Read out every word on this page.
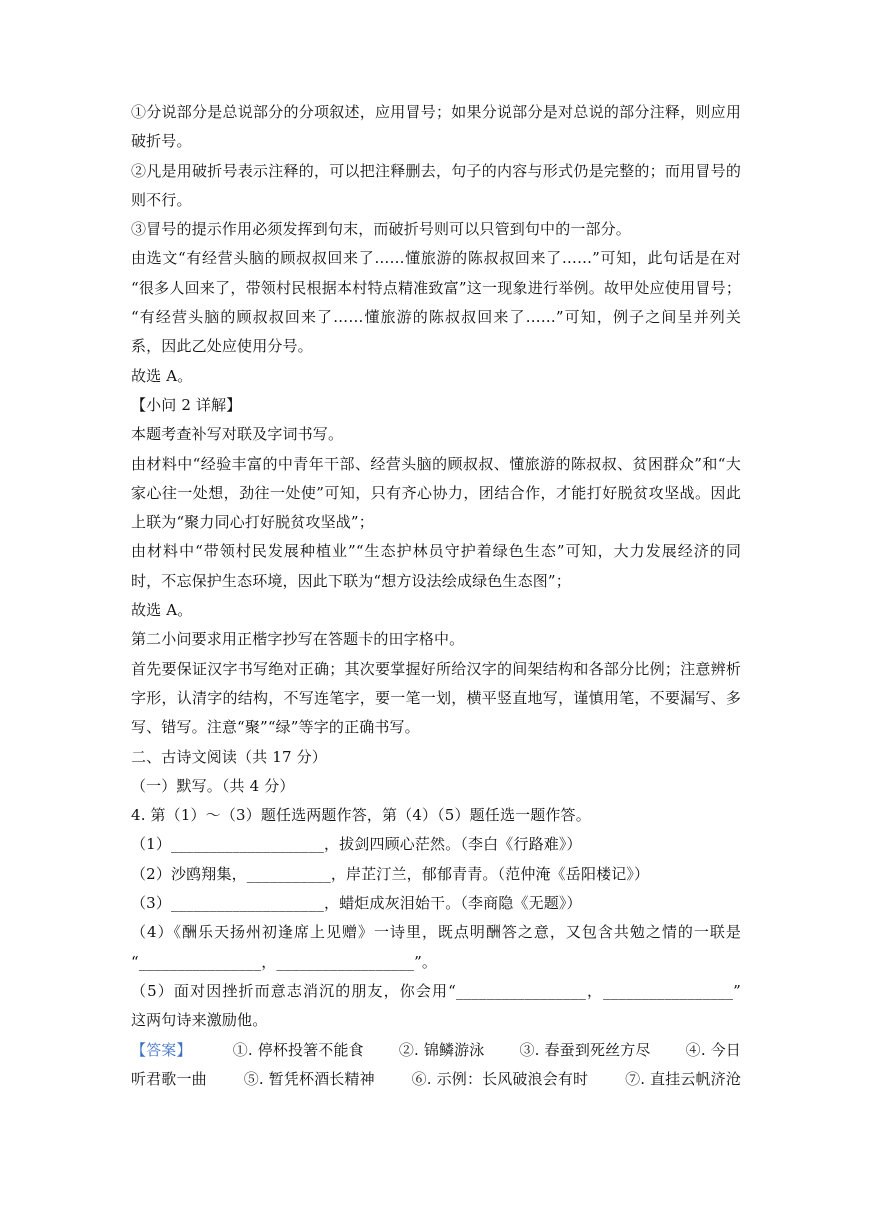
①分说部分是总说部分的分项叙述，应用冒号；如果分说部分是对总说的部分注释，则应用
破折号。
②凡是用破折号表示注释的，可以把注释删去，句子的内容与形式仍是完整的；而用冒号的
则不行。
③冒号的提示作用必须发挥到句末，而破折号则可以只管到句中的一部分。
由选文“有经营头脑的顾叔叔回来了……懂旅游的陈叔叔回来了……”可知，此句话是在对
“很多人回来了，带领村民根据本村特点精准致富”这一现象进行举例。故甲处应使用冒号；
“有经营头脑的顾叔叔回来了……懂旅游的陈叔叔回来了……”可知，例子之间呈并列关
系，因此乙处应使用分号。
故选 A。
【小问 2 详解】
本题考查补写对联及字词书写。
由材料中“经验丰富的中青年干部、经营头脑的顾叔叔、懂旅游的陈叔叔、贫困群众”和“大
家心往一处想，劲往一处使”可知，只有齐心协力，团结合作，才能打好脱贫攻坚战。因此
上联为“聚力同心打好脱贫攻坚战”；
由材料中“带领村民发展种植业”“生态护林员守护着绿色生态”可知，大力发展经济的同
时，不忘保护生态环境，因此下联为“想方设法绘成绿色生态图”；
故选 A。
第二小问要求用正楷字抄写在答题卡的田字格中。
首先要保证汉字书写绝对正确；其次要掌握好所给汉字的间架结构和各部分比例；注意辨析
字形，认清字的结构，不写连笔字，要一笔一划，横平竖直地写，谨慎用笔，不要漏写、多
写、错写。注意“聚”“绿”等字的正确书写。
二、古诗文阅读（共 17 分）
（一）默写。（共 4 分）
4. 第（1）～（3）题任选两题作答，第（4）（5）题任选一题作答。
（1）____________________，拔剑四顾心茫然。（李白《行路难》）
（2）沙鸥翔集，___________，岸芷汀兰，郁郁青青。（范仲淹《岳阳楼记》）
（3）____________________，蜡炬成灰泪始干。（李商隐《无题》）
（4）《酬乐天扬州初逢席上见赠》一诗里，既点明酬答之意，又包含共勉之情的一联是
“________________，__________________”。
（5）面对因挫折而意志消沉的朋友，你会用“_________________，_________________”
这两句诗来激励他。
【答案】	①. 停杯投箸不能食 ②. 锦鳞游泳 ③. 春蚕到死丝方尽 ④. 今日
听君歌一曲 ⑤. 暂凭杯酒长精神 ⑥. 示例：长风破浪会有时 ⑦. 直挂云帆济沧
